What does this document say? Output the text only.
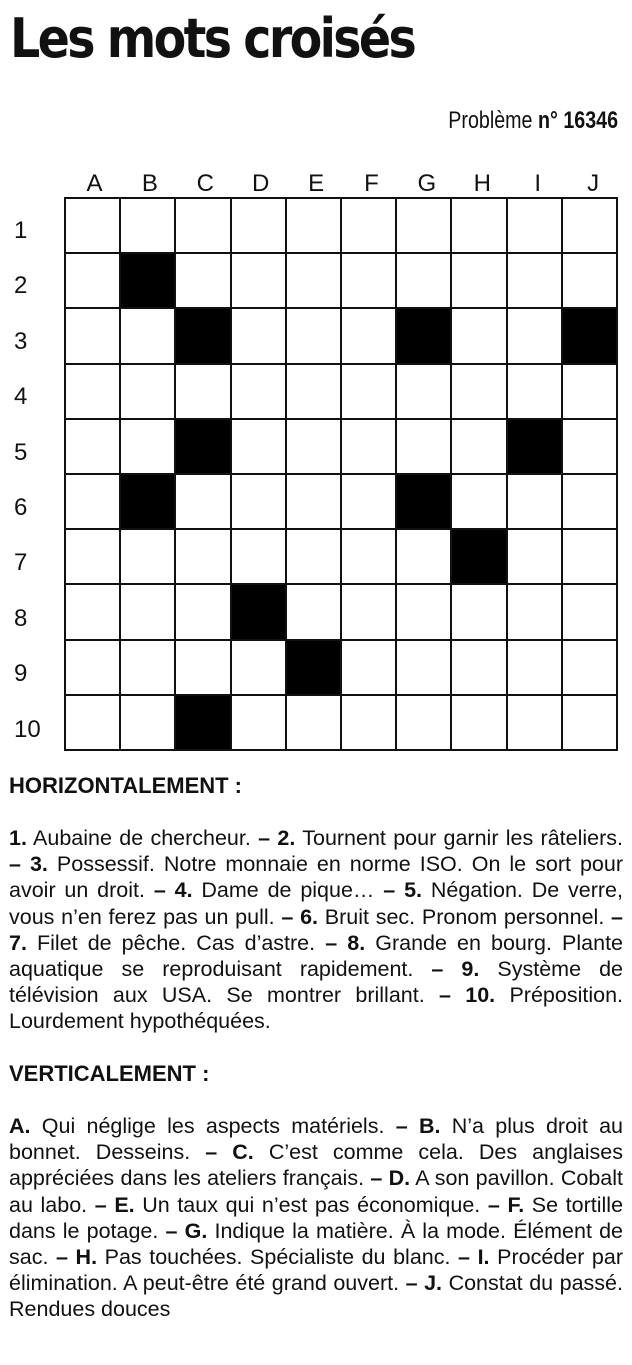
Les mots croisés
Problème n° 16346
A	B	C	D	E	F	G	H	I	J
1
2
3
4
5
6
7
8
9
10
HORIZONTALEMENT :
1. Aubaine de chercheur. – 2. Tournent pour garnir les râteliers. – 3. Possessif. Notre monnaie en norme ISO. On le sort pour avoir un droit. – 4. Dame de pique… – 5. Négation. De verre, vous n’en ferez pas un pull. – 6. Bruit sec. Pronom personnel. – 7. Filet de pêche. Cas d’astre. – 8. Grande en bourg. Plante aquatique se reproduisant rapidement. – 9. Système de télévision aux USA. Se montrer brillant. – 10. Préposition. Lourdement hypothéquées.
VERTICALEMENT :
A. Qui néglige les aspects matériels. – B. N’a plus droit au bonnet. Desseins. – C. C’est comme cela. Des anglaises appréciées dans les ateliers français. – D. A son pavillon. Cobalt au labo. – E. Un taux qui n’est pas économique. – F. Se tortille dans le potage. – G. Indique la matière. À la mode. Élément de sac. – H. Pas touchées. Spécialiste du blanc. – I. Procéder par élimination. A peut-être été grand ouvert. – J. Constat du passé. Rendues douces
